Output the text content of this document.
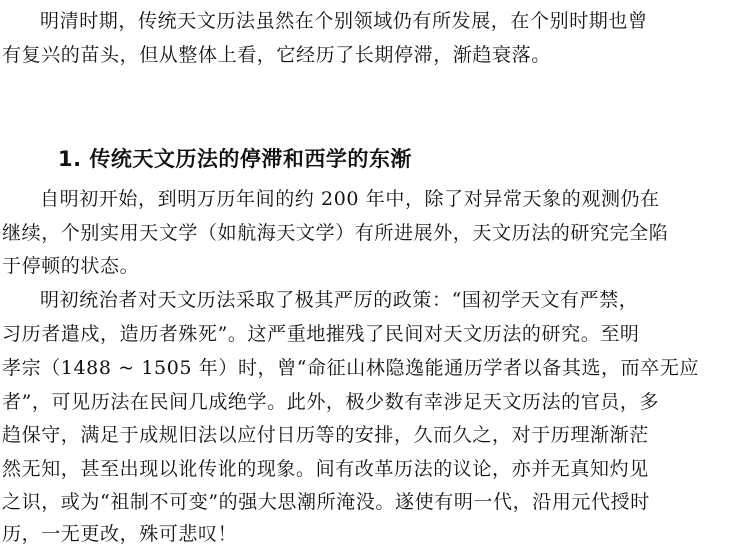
明清时期，传统天文历法虽然在个别领域仍有所发展，在个别时期也曾
有复兴的苗头，但从整体上看，它经历了长期停滞，渐趋衰落。
1. 传统天文历法的停滞和西学的东渐
自明初开始，到明万历年间的约 200 年中，除了对异常天象的观测仍在
继续，个别实用天文学（如航海天文学）有所进展外，天文历法的研究完全陷
于停顿的状态。
明初统治者对天文历法采取了极其严厉的政策：“国初学天文有严禁，
习历者遣戍，造历者殊死”。这严重地摧残了民间对天文历法的研究。至明
孝宗（1488 ~ 1505 年）时，曾“命征山林隐逸能通历学者以备其选，而卒无应
者”，可见历法在民间几成绝学。此外，极少数有幸涉足天文历法的官员，多
趋保守，满足于成规旧法以应付日历等的安排，久而久之，对于历理渐渐茫
然无知，甚至出现以讹传讹的现象。间有改革历法的议论，亦并无真知灼见
之识，或为“祖制不可变”的强大思潮所淹没。遂使有明一代，沿用元代授时
历，一无更改，殊可悲叹！
